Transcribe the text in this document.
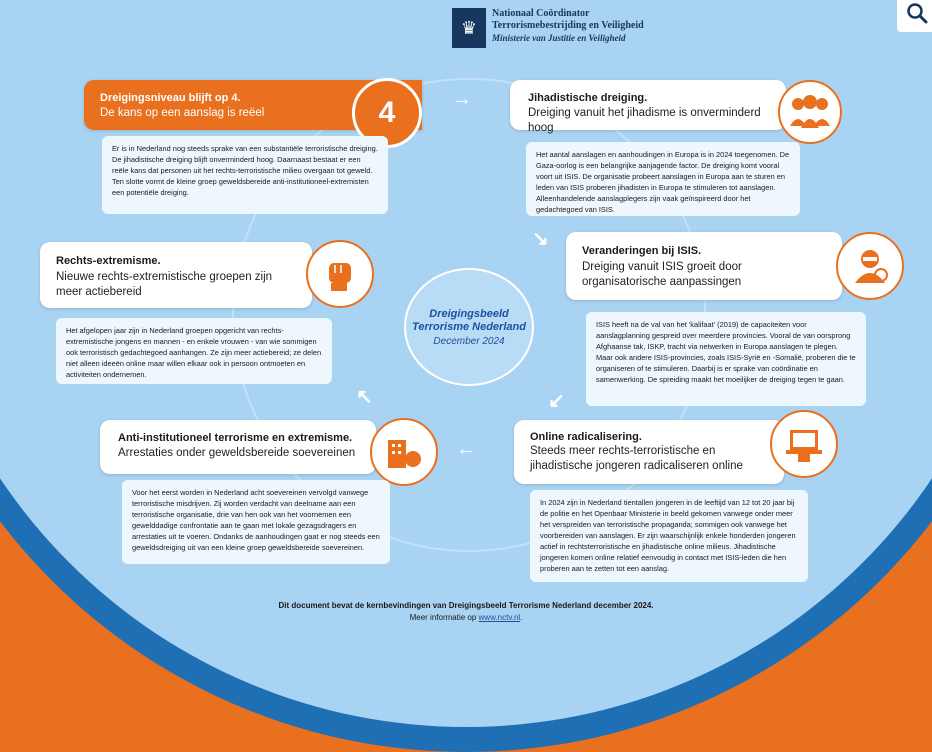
♛
Nationaal Coördinator
Terrorismebestrijding en Veiligheid
Ministerie van Justitie en Veiligheid
Dreigingsbeeld
Terrorisme Nederland
December 2024
Dreigingsniveau blijft op 4.
De kans op een aanslag is reëel	4
Er is in Nederland nog steeds sprake van een substantiële terroristische dreiging. De jihadistische dreiging blijft onverminderd hoog. Daarnaast bestaat er een reële kans dat personen uit het rechts-terroristische milieu overgaan tot geweld. Ten slotte vormt de kleine groep geweldsbereide anti-institutioneel-extremisten een potentiële dreiging.
→	Jihadistische dreiging.
Dreiging vanuit het jihadisme is onverminderd hoog
Het aantal aanslagen en aanhoudingen in Europa is in 2024 toegenomen. De Gaza-oorlog is een belangrijke aanjagende factor. De dreiging komt vooral voort uit ISIS. De organisatie probeert aanslagen in Europa aan te sturen en leden van ISIS proberen jihadisten in Europa te stimuleren tot aanslagen. Alleenhandelende aanslagplegers zijn vaak geïnspireerd door het gedachtegoed van ISIS.
↘
Veranderingen bij ISIS.
Dreiging vanuit ISIS groeit door organisatorische aanpassingen
ISIS heeft na de val van het 'kalifaat' (2019) de capaciteiten voor aanslagplanning gespreid over meerdere provincies. Vooral de van oorsprong Afghaanse tak, ISKP, tracht via netwerken in Europa aanslagen te plegen. Maar ook andere ISIS-provincies, zoals ISIS-Syrië en -Somalië, proberen die te organiseren of te stimuleren. Daarbij is er sprake van coördinatie en samenwerking. De spreiding maakt het moeilijker de dreiging tegen te gaan.
↙
Online radicalisering.
Steeds meer rechts-terroristische en jihadistische jongeren radicaliseren online
In 2024 zijn in Nederland tientallen jongeren in de leeftijd van 12 tot 20 jaar bij de politie en het Openbaar Ministerie in beeld gekomen vanwege onder meer het verspreiden van terroristische propaganda; sommigen ook vanwege het voorbereiden van aanslagen. Er zijn waarschijnlijk enkele honderden jongeren actief in rechtsterroristische en jihadistische online milieus. Jihadistische jongeren komen online relatief eenvoudig in contact met ISIS-leden die hen proberen aan te zetten tot een aanslag.
←
Anti-institutioneel terrorisme en extremisme.
Arrestaties onder geweldsbereide soevereinen
Voor het eerst worden in Nederland acht soevereinen vervolgd vanwege terroristische misdrijven. Zij worden verdacht van deelname aan een terroristische organisatie, drie van hen ook van het voornemen een gewelddadige confrontatie aan te gaan met lokale gezagsdragers en arrestaties uit te voeren. Ondanks de aanhoudingen gaat er nog steeds een geweldsdreiging uit van een kleine groep geweldsbereide soevereinen.
↖
Rechts-extremisme.
Nieuwe rechts-extremistische groepen zijn meer actiebereid
Het afgelopen jaar zijn in Nederland groepen opgericht van rechts-extremistische jongens en mannen - en enkele vrouwen - van wie sommigen ook terroristisch gedachtegoed aanhangen. Ze zijn meer actiebereid; ze delen niet alleen ideeën online maar willen elkaar ook in persoon ontmoeten en activiteiten ondernemen.
Dit document bevat de kernbevindingen van Dreigingsbeeld Terrorisme Nederland december 2024.
Meer informatie op www.nctv.nl.
